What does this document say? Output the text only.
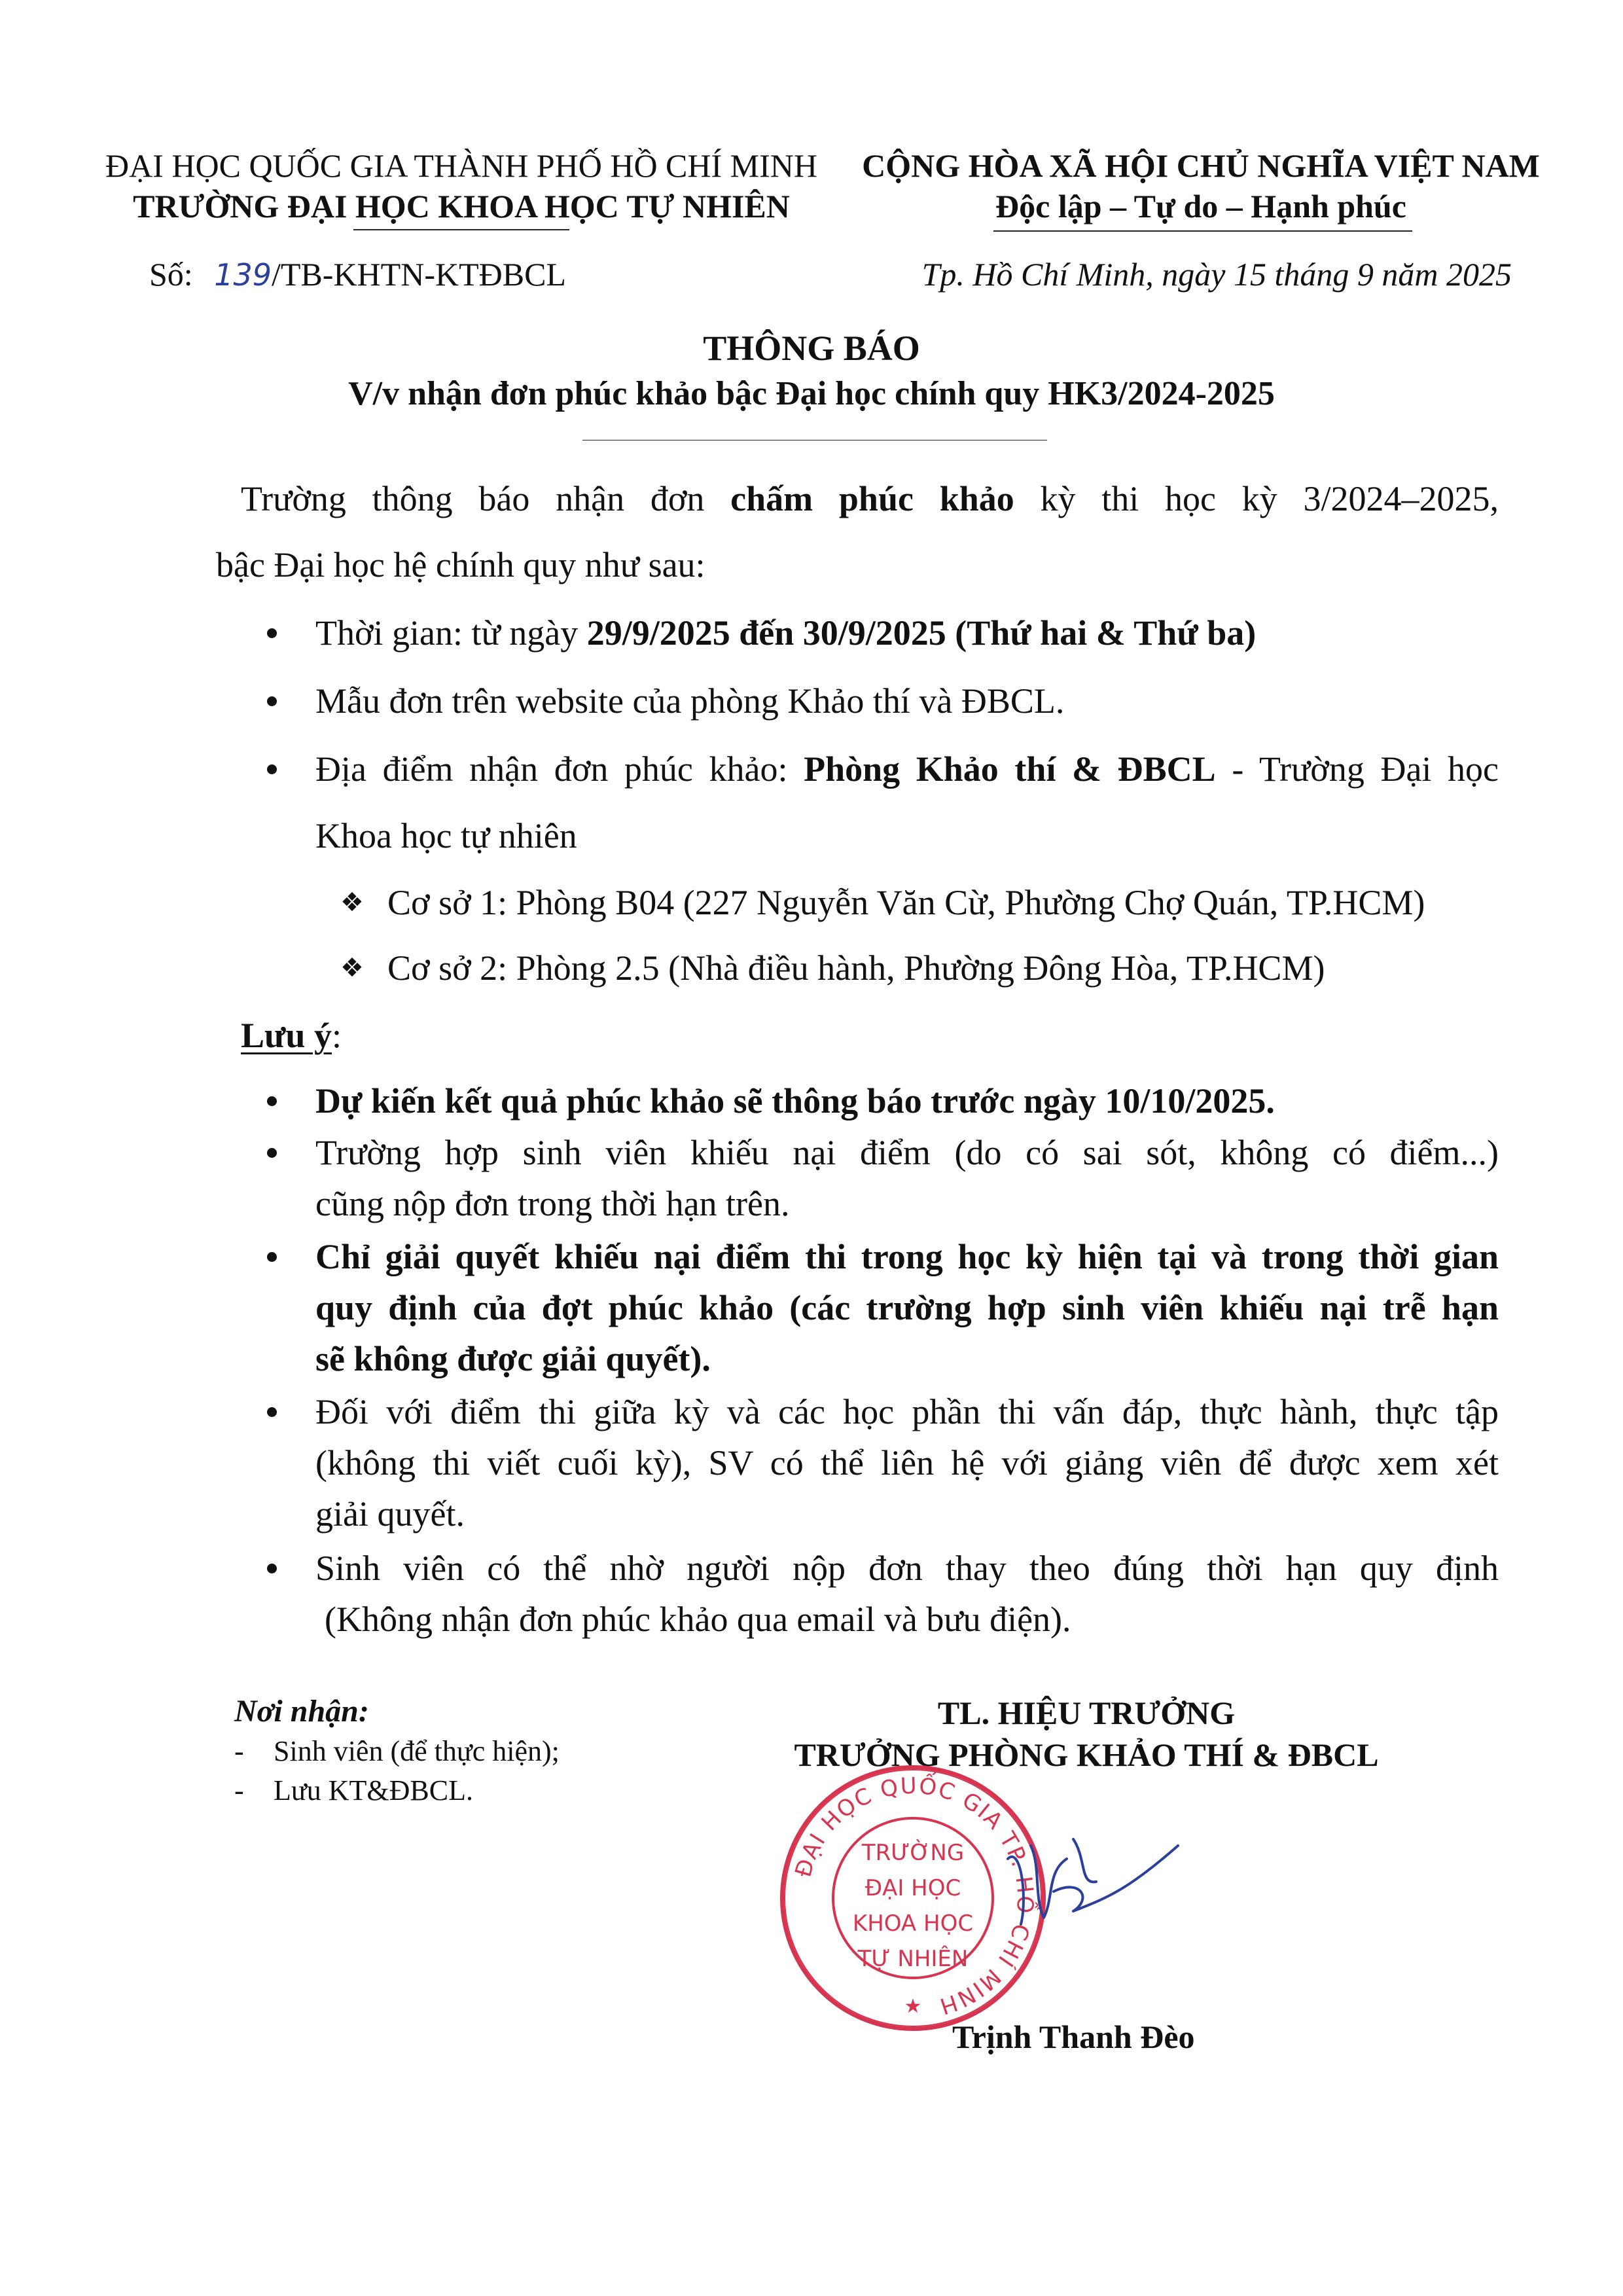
ĐẠI HỌC QUỐC GIA THÀNH PHỐ HỒ CHÍ MINH
TRƯỜNG ĐẠI HỌC KHOA HỌC TỰ NHIÊN
CỘNG HÒA XÃ HỘI CHỦ NGHĨA VIỆT NAM
Độc lập – Tự do – Hạnh phúc
Số: 139/TB-KHTN-KTĐBCL	Tp. Hồ Chí Minh, ngày 15 tháng 9 năm 2025
THÔNG BÁO
V/v nhận đơn phúc khảo bậc Đại học chính quy HK3/2024-2025
Trường thông báo nhận đơn chấm phúc khảo kỳ thi học kỳ 3/2024–2025,
bậc Đại học hệ chính quy như sau:
Thời gian: từ ngày 29/9/2025 đến 30/9/2025 (Thứ hai & Thứ ba)
Mẫu đơn trên website của phòng Khảo thí và ĐBCL.
Địa điểm nhận đơn phúc khảo: Phòng Khảo thí & ĐBCL - Trường Đại học
Khoa học tự nhiên
❖ Cơ sở 1: Phòng B04 (227 Nguyễn Văn Cừ, Phường Chợ Quán, TP.HCM)
❖ Cơ sở 2: Phòng 2.5 (Nhà điều hành, Phường Đông Hòa, TP.HCM)
Lưu ý:
Dự kiến kết quả phúc khảo sẽ thông báo trước ngày 10/10/2025.
Trường hợp sinh viên khiếu nại điểm (do có sai sót, không có điểm...)
cũng nộp đơn trong thời hạn trên.
Chỉ giải quyết khiếu nại điểm thi trong học kỳ hiện tại và trong thời gian
quy định của đợt phúc khảo (các trường hợp sinh viên khiếu nại trễ hạn
sẽ không được giải quyết).
Đối với điểm thi giữa kỳ và các học phần thi vấn đáp, thực hành, thực tập
(không thi viết cuối kỳ), SV có thể liên hệ với giảng viên để được xem xét
giải quyết.
Sinh viên có thể nhờ người nộp đơn thay theo đúng thời hạn quy định
(Không nhận đơn phúc khảo qua email và bưu điện).
Nơi nhận:
- Sinh viên (để thực hiện);
- Lưu KT&ĐBCL.
TL. HIỆU TRƯỞNG
TRƯỞNG PHÒNG KHẢO THÍ & ĐBCL
ĐẠI HỌC QUỐC GIA TP. HỒ CHÍ MINH
TRƯỜNG
ĐẠI HỌC
KHOA HỌC
TỰ NHIÊN
★
Trịnh Thanh Đèo
